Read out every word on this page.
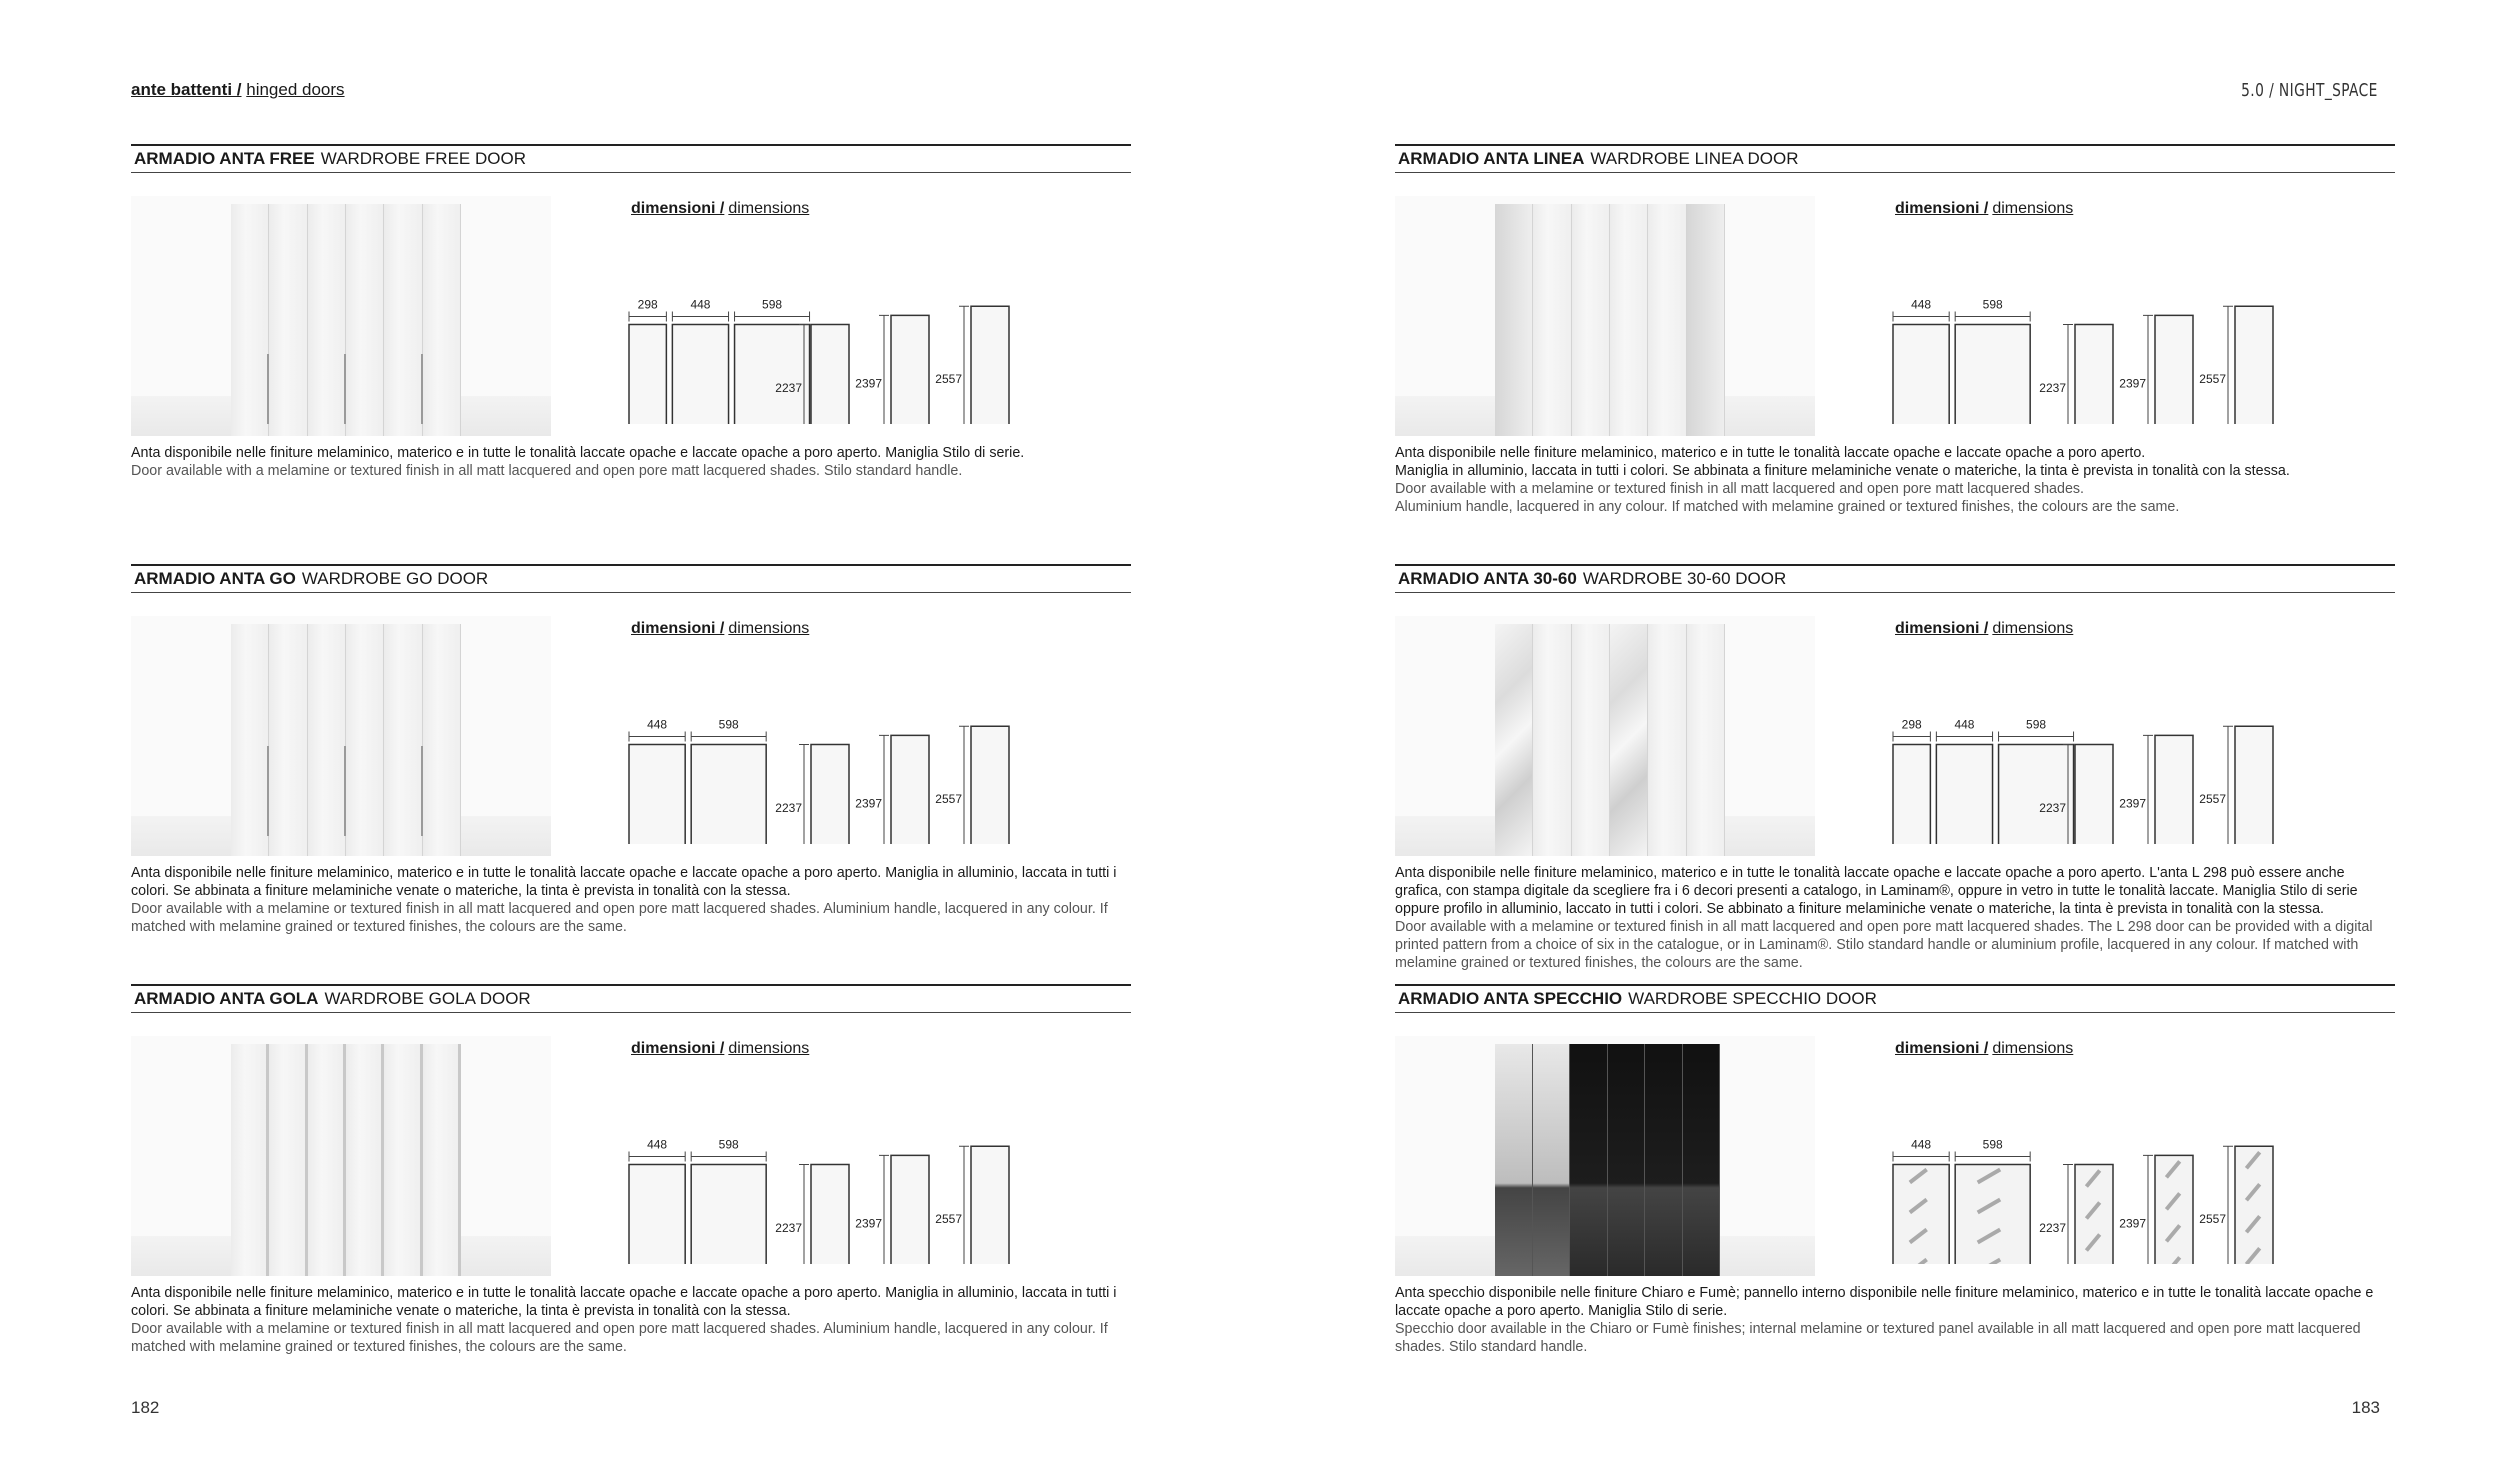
ante battenti / hinged doors	5.0 / NIGHT_SPACE
ARMADIO ANTA FREE WARDROBE FREE DOOR
dimensioni / dimensions
Anta disponibile nelle finiture melaminico, materico e in tutte le tonalità laccate opache e laccate opache a poro aperto. Maniglia Stilo di serie.
Door available with a melamine or textured finish in all matt lacquered and open pore matt lacquered shades. Stilo standard handle.
298	448	598
2237	2397	2557
ARMADIO ANTA LINEA WARDROBE LINEA DOOR
dimensioni / dimensions
Anta disponibile nelle finiture melaminico, materico e in tutte le tonalità laccate opache e laccate opache a poro aperto.
Maniglia in alluminio, laccata in tutti i colori. Se abbinata a finiture melaminiche venate o materiche, la tinta è prevista in tonalità con la stessa.
Door available with a melamine or textured finish in all matt lacquered and open pore matt lacquered shades.
Aluminium handle, lacquered in any colour. If matched with melamine grained or textured finishes, the colours are the same.
448	598
2237	2397	2557
ARMADIO ANTA GO WARDROBE GO DOOR
dimensioni / dimensions
Anta disponibile nelle finiture melaminico, materico e in tutte le tonalità laccate opache e laccate opache a poro aperto. Maniglia in alluminio, laccata in tutti i colori. Se abbinata a finiture melaminiche venate o materiche, la tinta è prevista in tonalità con la stessa.
Door available with a melamine or textured finish in all matt lacquered and open pore matt lacquered shades. Aluminium handle, lacquered in any colour. If matched with melamine grained or textured finishes, the colours are the same.
448	598
2237	2397	2557
ARMADIO ANTA 30-60 WARDROBE 30-60 DOOR
dimensioni / dimensions
Anta disponibile nelle finiture melaminico, materico e in tutte le tonalità laccate opache e laccate opache a poro aperto. L'anta L 298 può essere anche grafica, con stampa digitale da scegliere fra i 6 decori presenti a catalogo, in Laminam®, oppure in vetro in tutte le tonalità laccate. Maniglia Stilo di serie oppure profilo in alluminio, laccato in tutti i colori. Se abbinato a finiture melaminiche venate o materiche, la tinta è prevista in tonalità con la stessa.
Door available with a melamine or textured finish in all matt lacquered and open pore matt lacquered shades. The L 298 door can be provided with a digital printed pattern from a choice of six in the catalogue, or in Laminam®. Stilo standard handle or aluminium profile, lacquered in any colour. If matched with melamine grained or textured finishes, the colours are the same.
298	448	598
2237	2397	2557
ARMADIO ANTA GOLA WARDROBE GOLA DOOR
dimensioni / dimensions
Anta disponibile nelle finiture melaminico, materico e in tutte le tonalità laccate opache e laccate opache a poro aperto. Maniglia in alluminio, laccata in tutti i colori. Se abbinata a finiture melaminiche venate o materiche, la tinta è prevista in tonalità con la stessa.
Door available with a melamine or textured finish in all matt lacquered and open pore matt lacquered shades. Aluminium handle, lacquered in any colour. If matched with melamine grained or textured finishes, the colours are the same.
448	598
2237	2397	2557
ARMADIO ANTA SPECCHIO WARDROBE SPECCHIO DOOR
dimensioni / dimensions
Anta specchio disponibile nelle finiture Chiaro e Fumè; pannello interno disponibile nelle finiture melaminico, materico e in tutte le tonalità laccate opache e laccate opache a poro aperto. Maniglia Stilo di serie.
Specchio door available in the Chiaro or Fumè finishes; internal melamine or textured panel available in all matt lacquered and open pore matt lacquered shades. Stilo standard handle.
448	598
2237	2397	2557
182	183
